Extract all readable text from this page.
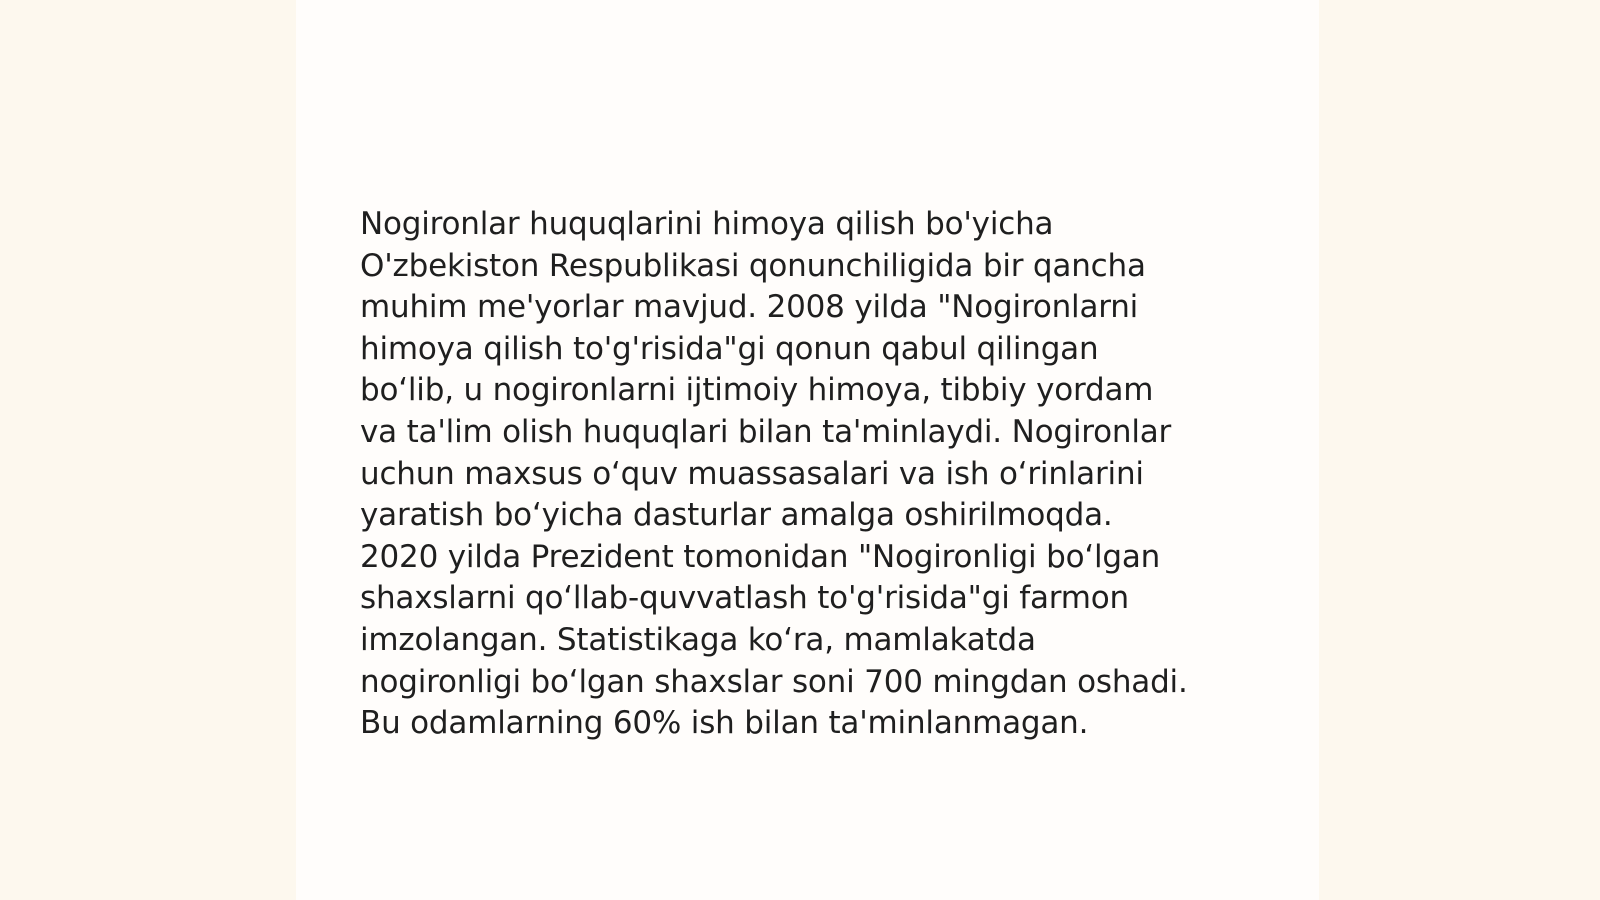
Nogironlar huquqlarini himoya qilish bo'yicha
O'zbekiston Respublikasi qonunchiligida bir qancha
muhim me'yorlar mavjud. 2008 yilda "Nogironlarni
himoya qilish to'g'risida"gi qonun qabul qilingan
bo‘lib, u nogironlarni ijtimoiy himoya, tibbiy yordam
va ta'lim olish huquqlari bilan ta'minlaydi. Nogironlar
uchun maxsus o‘quv muassasalari va ish o‘rinlarini
yaratish bo‘yicha dasturlar amalga oshirilmoqda.
2020 yilda Prezident tomonidan "Nogironligi bo‘lgan
shaxslarni qo‘llab-quvvatlash to'g'risida"gi farmon
imzolangan. Statistikaga ko‘ra, mamlakatda
nogironligi bo‘lgan shaxslar soni 700 mingdan oshadi.
Bu odamlarning 60% ish bilan ta'minlanmagan.
